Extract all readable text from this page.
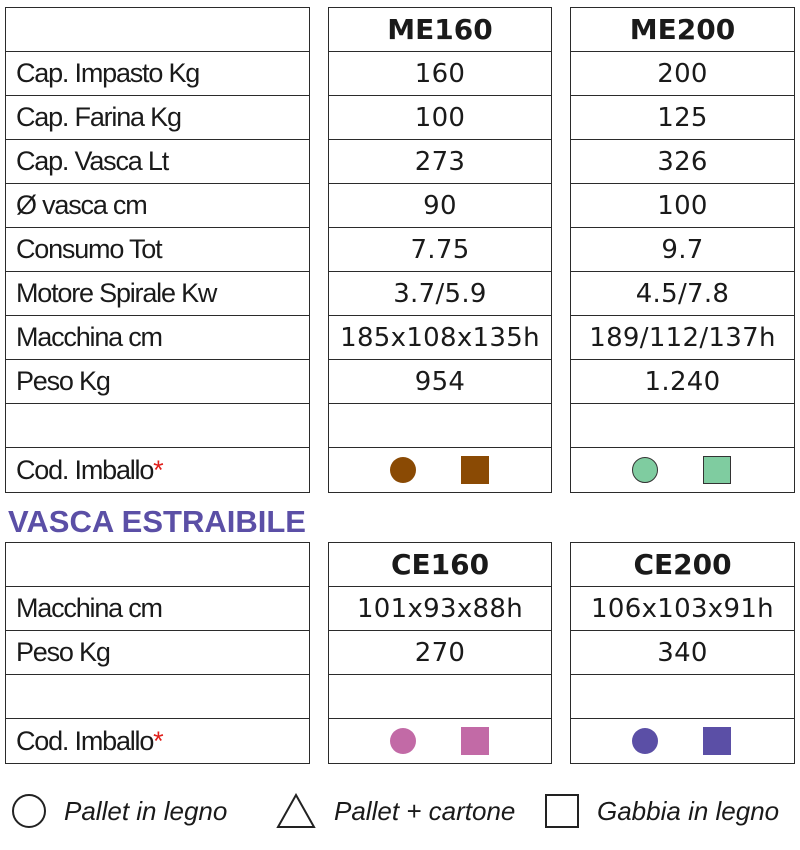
Cap. Impasto Kg
Cap. Farina Kg
Cap. Vasca Lt
Ø vasca cm
Consumo Tot
Motore Spirale Kw
Macchina cm
Peso Kg
Cod. Imballo *
ME160
160
100
273
90
7.75
3.7/5.9
185x108x135h
954
ME200
200
125
326
100
9.7
4.5/7.8
189/112/137h
1.240
VASCA ESTRAIBILE
Macchina cm
Peso Kg
Cod. Imballo *
CE160
101x93x88h
270
CE200
106x103x91h
340
Pallet in legno	Pallet + cartone	Gabbia in legno
